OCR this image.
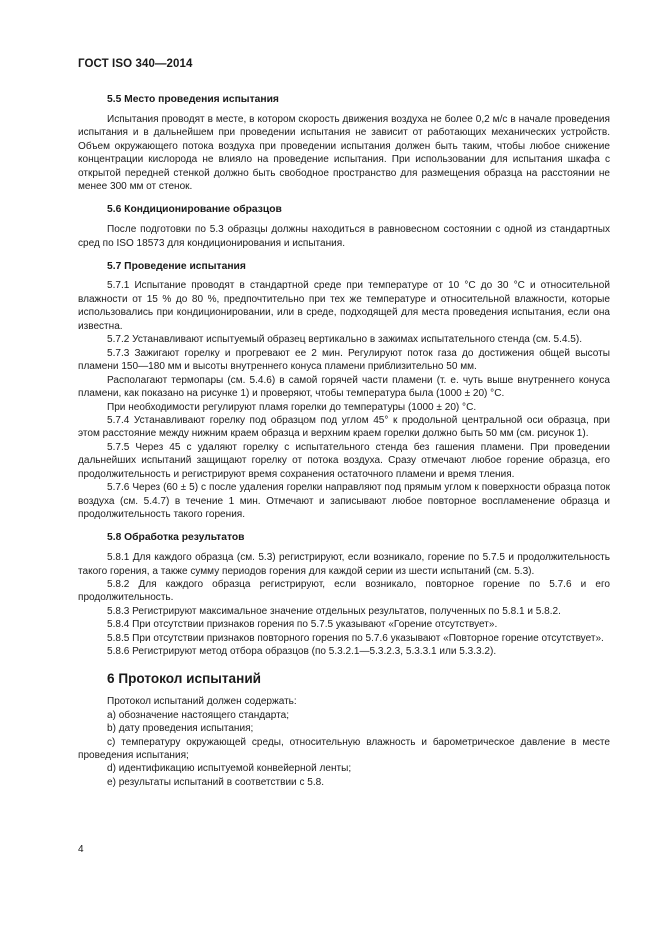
ГОСТ ISO 340—2014
5.5 Место проведения испытания

Испытания проводят в месте, в котором скорость движения воздуха не более 0,2 м/с в начале проведения испытания и в дальнейшем при проведении испытания не зависит от работающих механических устройств. Объем окружающего потока воздуха при проведении испытания должен быть таким, чтобы любое снижение концентрации кислорода не влияло на проведение испытания. При использовании для испытания шкафа с открытой передней стенкой должно быть свободное пространство для размещения образца на расстоянии не менее 300 мм от стенок.

5.6 Кондиционирование образцов

После подготовки по 5.3 образцы должны находиться в равновесном состоянии с одной из стандартных сред по ISO 18573 для кондиционирования и испытания.

5.7 Проведение испытания

5.7.1 Испытание проводят в стандартной среде при температуре от 10 °С до 30 °С и относительной влажности от 15 % до 80 %, предпочтительно при тех же температуре и относительной влажности, которые использовались при кондиционировании, или в среде, подходящей для места проведения испытания, если она известна.

5.7.2 Устанавливают испытуемый образец вертикально в зажимах испытательного стенда (см. 5.4.5).

5.7.3 Зажигают горелку и прогревают ее 2 мин. Регулируют поток газа до достижения общей высоты пламени 150—180 мм и высоты внутреннего конуса пламени приблизительно 50 мм.

Располагают термопары (см. 5.4.6) в самой горячей части пламени (т. е. чуть выше внутреннего конуса пламени, как показано на рисунке 1) и проверяют, чтобы температура была (1000 ± 20) °С.

При необходимости регулируют пламя горелки до температуры (1000 ± 20) °С.

5.7.4 Устанавливают горелку под образцом под углом 45° к продольной центральной оси образца, при этом расстояние между нижним краем образца и верхним краем горелки должно быть 50 мм (см. рисунок 1).

5.7.5 Через 45 с удаляют горелку с испытательного стенда без гашения пламени. При проведении дальнейших испытаний защищают горелку от потока воздуха. Сразу отмечают любое горение образца, его продолжительность и регистрируют время сохранения остаточного пламени и время тления.

5.7.6 Через (60 ± 5) с после удаления горелки направляют под прямым углом к поверхности образца поток воздуха (см. 5.4.7) в течение 1 мин. Отмечают и записывают любое повторное воспламенение образца и продолжительность такого горения.

5.8 Обработка результатов

5.8.1 Для каждого образца (см. 5.3) регистрируют, если возникало, горение по 5.7.5 и продолжительность такого горения, а также сумму периодов горения для каждой серии из шести испытаний (см. 5.3).

5.8.2 Для каждого образца регистрируют, если возникало, повторное горение по 5.7.6 и его продолжительность.

5.8.3 Регистрируют максимальное значение отдельных результатов, полученных по 5.8.1 и 5.8.2.

5.8.4 При отсутствии признаков горения по 5.7.5 указывают «Горение отсутствует».

5.8.5 При отсутствии признаков повторного горения по 5.7.6 указывают «Повторное горение отсутствует».

5.8.6 Регистрируют метод отбора образцов (по 5.3.2.1—5.3.2.3, 5.3.3.1 или 5.3.3.2).

6 Протокол испытаний

Протокол испытаний должен содержать:

а) обозначение настоящего стандарта;

b) дату проведения испытания;

c) температуру окружающей среды, относительную влажность и барометрическое давление в месте проведения испытания;

d) идентификацию испытуемой конвейерной ленты;

e) результаты испытаний в соответствии с 5.8.

4
